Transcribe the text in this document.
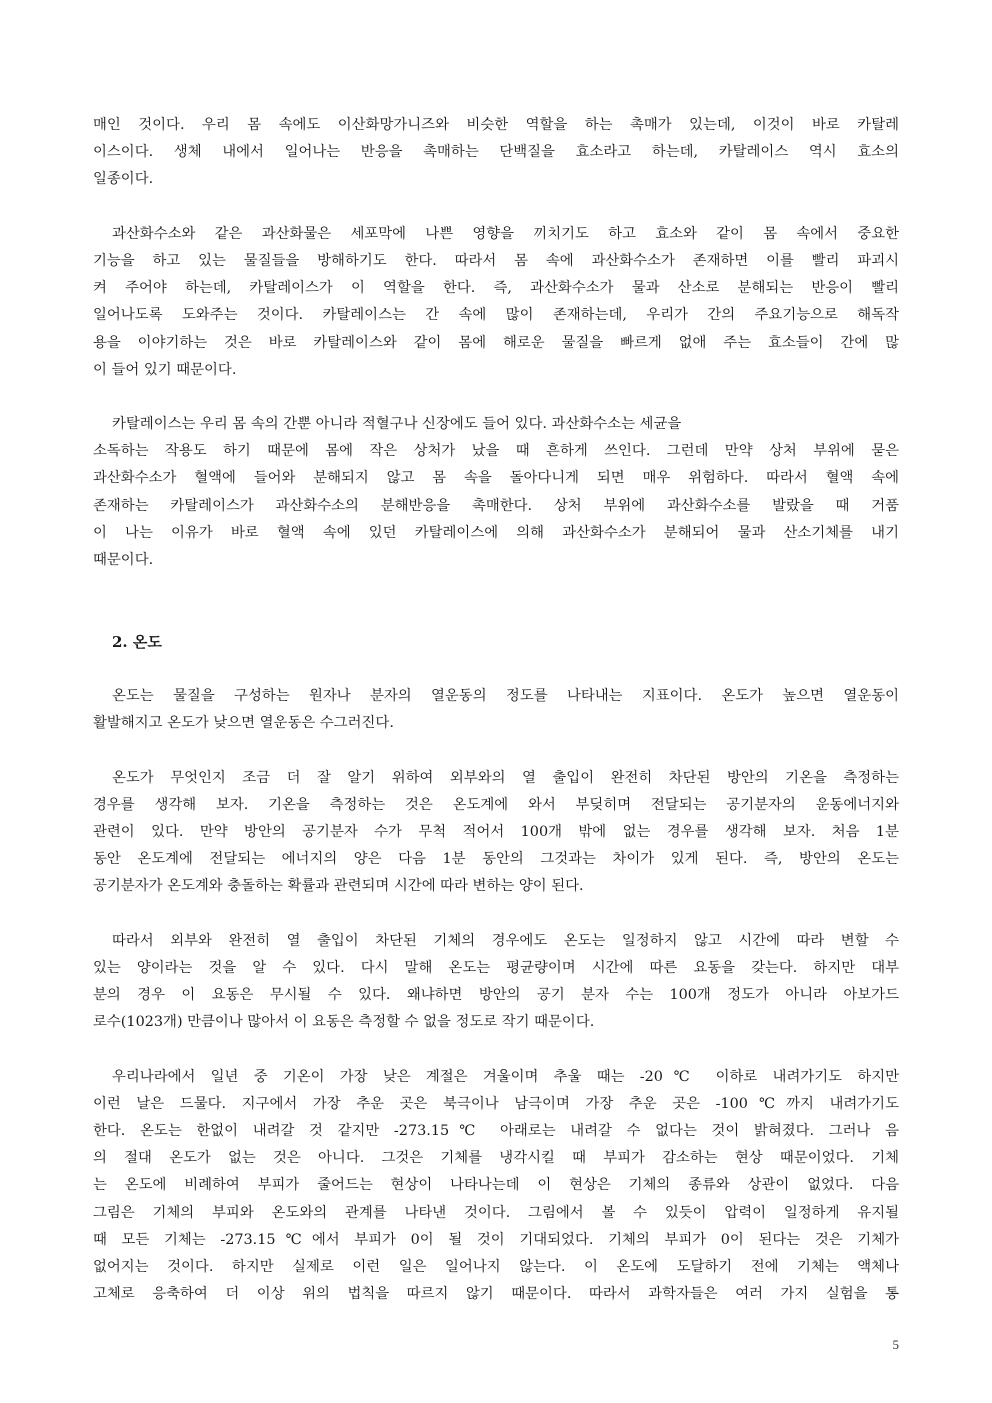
매인 것이다. 우리 몸 속에도 이산화망가니즈와 비슷한 역할을 하는 촉매가 있는데, 이것이 바로 카탈레
이스이다. 생체 내에서 일어나는 반응을 촉매하는 단백질을 효소라고 하는데, 카탈레이스 역시 효소의
일종이다.
과산화수소와 같은 과산화물은 세포막에 나쁜 영향을 끼치기도 하고 효소와 같이 몸 속에서 중요한
기능을 하고 있는 물질들을 방해하기도 한다. 따라서 몸 속에 과산화수소가 존재하면 이를 빨리 파괴시
켜 주어야 하는데, 카탈레이스가 이 역할을 한다. 즉, 과산화수소가 물과 산소로 분해되는 반응이 빨리
일어나도록 도와주는 것이다. 카탈레이스는 간 속에 많이 존재하는데, 우리가 간의 주요기능으로 해독작
용을 이야기하는 것은 바로 카탈레이스와 같이 몸에 해로운 물질을 빠르게 없애 주는 효소들이 간에 많
이 들어 있기 때문이다.
카탈레이스는 우리 몸 속의 간뿐 아니라 적혈구나 신장에도 들어 있다. 과산화수소는 세균을
소독하는 작용도 하기 때문에 몸에 작은 상처가 났을 때 흔하게 쓰인다. 그런데 만약 상처 부위에 묻은
과산화수소가 혈액에 들어와 분해되지 않고 몸 속을 돌아다니게 되면 매우 위험하다. 따라서 혈액 속에
존재하는 카탈레이스가 과산화수소의 분해반응을 촉매한다. 상처 부위에 과산화수소를 발랐을 때 거품
이 나는 이유가 바로 혈액 속에 있던 카탈레이스에 의해 과산화수소가 분해되어 물과 산소기체를 내기
때문이다.
2. 온도
온도는 물질을 구성하는 원자나 분자의 열운동의 정도를 나타내는 지표이다. 온도가 높으면 열운동이
활발해지고 온도가 낮으면 열운동은 수그러진다.
온도가 무엇인지 조금 더 잘 알기 위하여 외부와의 열 출입이 완전히 차단된 방안의 기온을 측정하는
경우를 생각해 보자. 기온을 측정하는 것은 온도계에 와서 부딪히며 전달되는 공기분자의 운동에너지와
관련이 있다. 만약 방안의 공기분자 수가 무척 적어서 100개 밖에 없는 경우를 생각해 보자. 처음 1분
동안 온도계에 전달되는 에너지의 양은 다음 1분 동안의 그것과는 차이가 있게 된다. 즉, 방안의 온도는
공기분자가 온도계와 충돌하는 확률과 관련되며 시간에 따라 변하는 양이 된다.
따라서 외부와 완전히 열 출입이 차단된 기체의 경우에도 온도는 일정하지 않고 시간에 따라 변할 수
있는 양이라는 것을 알 수 있다. 다시 말해 온도는 평균량이며 시간에 따른 요동을 갖는다. 하지만 대부
분의 경우 이 요동은 무시될 수 있다. 왜냐하면 방안의 공기 분자 수는 100개 정도가 아니라 아보가드
로수(1023개) 만큼이나 많아서 이 요동은 측정할 수 없을 정도로 작기 때문이다.
우리나라에서 일년 중 기온이 가장 낮은 계절은 겨울이며 추울 때는 -20℃ 이하로 내려가기도 하지만
이런 날은 드물다. 지구에서 가장 추운 곳은 북극이나 남극이며 가장 추운 곳은 -100℃까지 내려가기도
한다. 온도는 한없이 내려갈 것 같지만 -273.15℃ 아래로는 내려갈 수 없다는 것이 밝혀졌다. 그러나 음
의 절대 온도가 없는 것은 아니다. 그것은 기체를 냉각시킬 때 부피가 감소하는 현상 때문이었다. 기체
는 온도에 비례하여 부피가 줄어드는 현상이 나타나는데 이 현상은 기체의 종류와 상관이 없었다. 다음
그림은 기체의 부피와 온도와의 관계를 나타낸 것이다. 그림에서 볼 수 있듯이 압력이 일정하게 유지될
때 모든 기체는 -273.15℃에서 부피가 0이 될 것이 기대되었다. 기체의 부피가 0이 된다는 것은 기체가
없어지는 것이다. 하지만 실제로 이런 일은 일어나지 않는다. 이 온도에 도달하기 전에 기체는 액체나
고체로 응축하여 더 이상 위의 법칙을 따르지 않기 때문이다. 따라서 과학자들은 여러 가지 실험을 통
5
